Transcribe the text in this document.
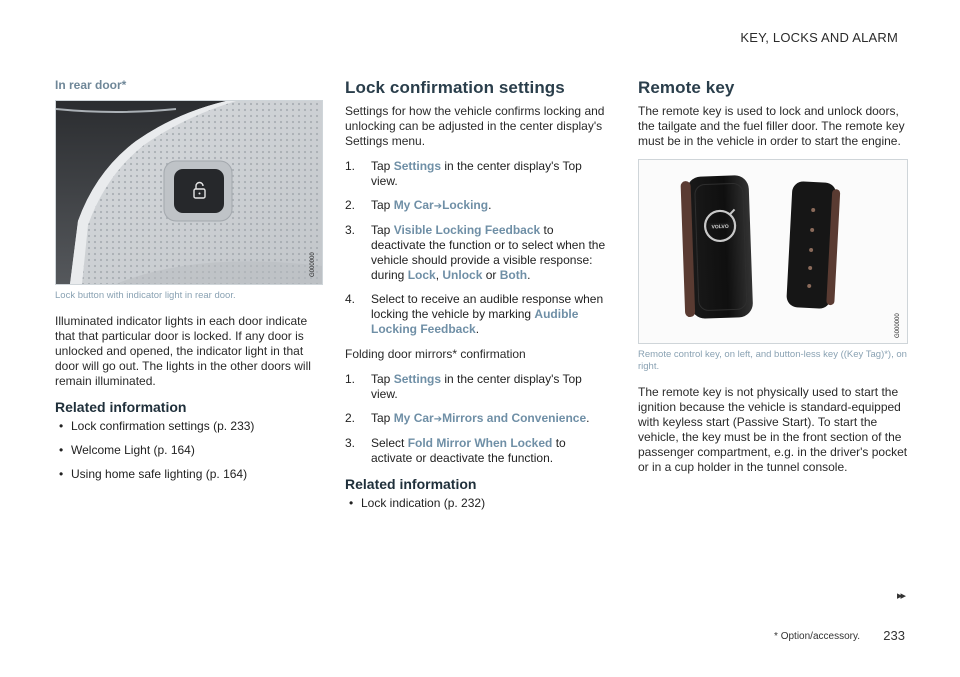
KEY, LOCKS AND ALARM
In rear door*
G000000
Lock button with indicator light in rear door.

Illuminated indicator lights in each door indicate that that particular door is locked. If any door is unlocked and opened, the indicator light in that door will go out. The lights in the other doors will remain illuminated.

Related information
• Lock confirmation settings (p. 233)
• Welcome Light (p. 164)
• Using home safe lighting (p. 164)
Lock confirmation settings

Settings for how the vehicle confirms locking and unlocking can be adjusted in the center display's Settings menu.

1. Tap Settings in the center display's Top view.
2. Tap My Car➔Locking.
3. Tap Visible Locking Feedback to deactivate the function or to select when the vehicle should provide a visible response: during Lock, Unlock or Both.
4. Select to receive an audible response when locking the vehicle by marking Audible Locking Feedback.

Folding door mirrors* confirmation

1. Tap Settings in the center display's Top view.
2. Tap My Car➔Mirrors and Convenience.
3. Select Fold Mirror When Locked to activate or deactivate the function.
Related information
• Lock indication (p. 232)
Remote key

The remote key is used to lock and unlock doors, the tailgate and the fuel filler door. The remote key must be in the vehicle in order to start the engine.

VOLVO
G000000
Remote control key, on left, and button-less key ((Key Tag)*), on right.

The remote key is not physically used to start the ignition because the vehicle is standard-equipped with keyless start (Passive Start). To start the vehicle, the key must be in the front section of the passenger compartment, e.g. in the driver's pocket or in a cup holder in the tunnel console.

▸▸
* Option/accessory. 233
